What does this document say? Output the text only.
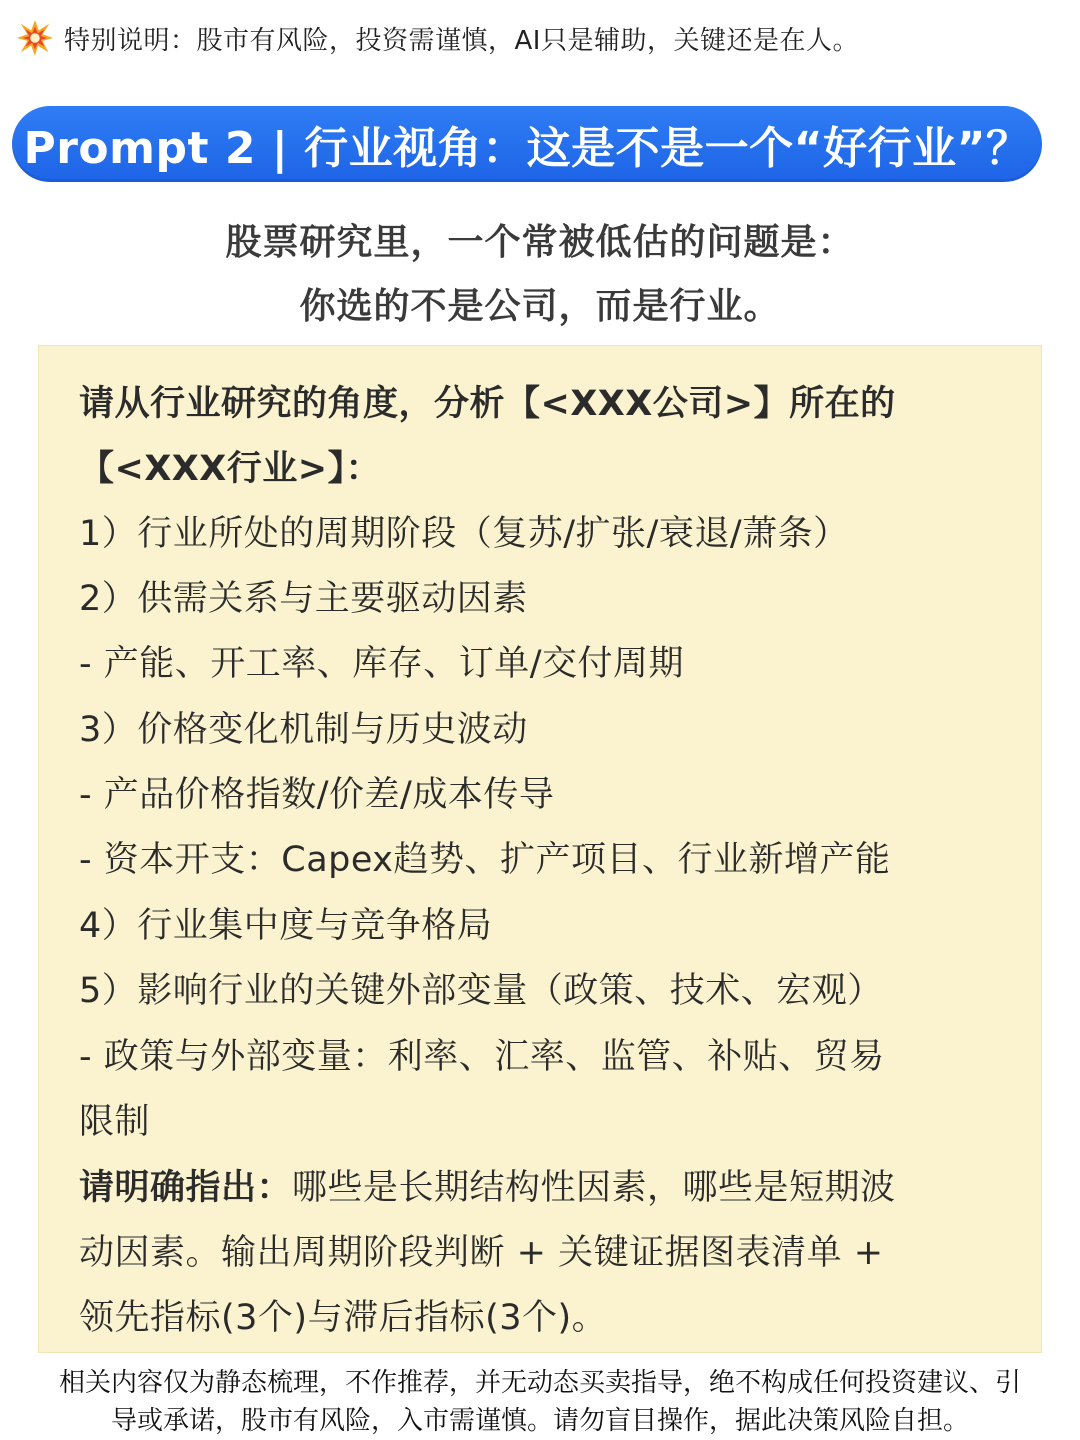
特别说明：股市有风险，投资需谨慎，AI只是辅助，关键还是在人。
Prompt 2 | 行业视角：这是不是一个“好行业”？
股票研究里，一个常被低估的问题是：
你选的不是公司，而是行业。
请从行业研究的角度，分析【<XXX公司>】所在的
【<XXX行业>】：
1）行业所处的周期阶段（复苏/扩张/衰退/萧条）
2）供需关系与主要驱动因素
- 产能、开工率、库存、订单/交付周期
3）价格变化机制与历史波动
- 产品价格指数/价差/成本传导
- 资本开支：Capex趋势、扩产项目、行业新增产能
4）行业集中度与竞争格局
5）影响行业的关键外部变量（政策、技术、宏观）
- 政策与外部变量：利率、汇率、监管、补贴、贸易
限制
请明确指出：哪些是长期结构性因素，哪些是短期波
动因素。输出周期阶段判断 + 关键证据图表清单 +
领先指标(3个)与滞后指标(3个)。
相关内容仅为静态梳理，不作推荐，并无动态买卖指导，绝不构成任何投资建议、引
导或承诺，股市有风险，入市需谨慎。请勿盲目操作，据此决策风险自担。
